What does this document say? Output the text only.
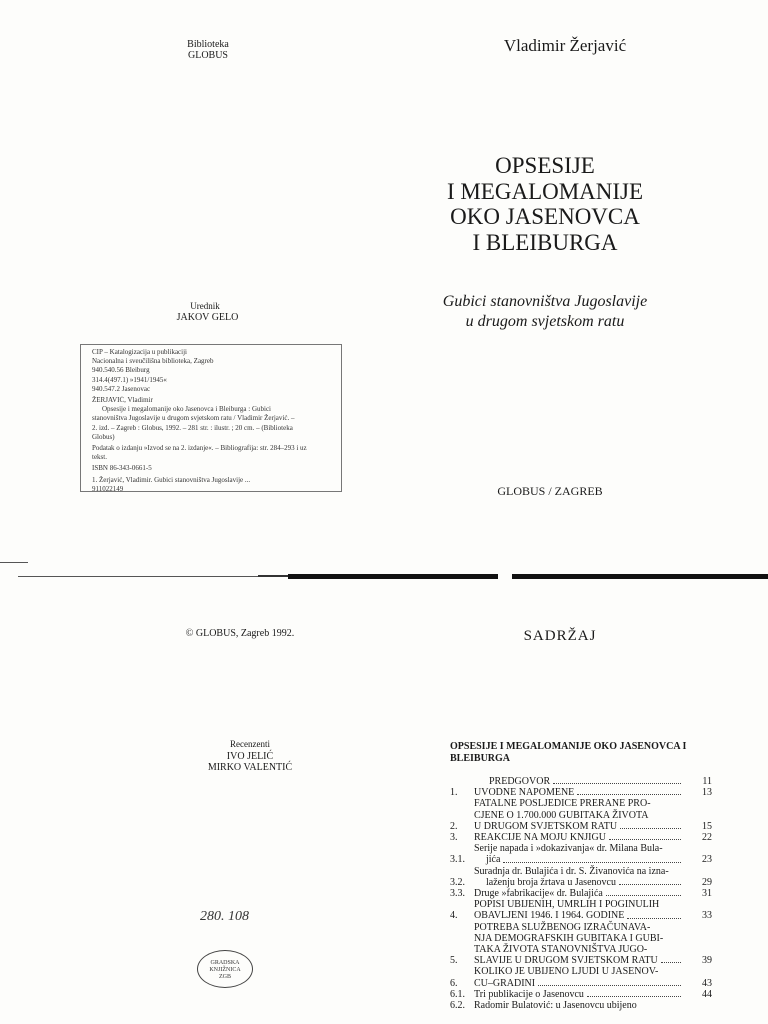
Biblioteka
GLOBUS
Urednik
JAKOV GELO
CIP – Katalogizacija u publikaciji
Nacionalna i sveučilišna biblioteka, Zagreb
940.540.56 Bleiburg
314.4(497.1) »1941/1945«
940.547.2 Jasenovac
ŽERJAVIĆ, Vladimir
Opsesije i megalomanije oko Jasenovca i Bleiburga : Gubici
stanovništva Jugoslavije u drugom svjetskom ratu / Vladimir Žerjavić. –
2. izd. – Zagreb : Globus, 1992. – 281 str. : ilustr. ; 20 cm. – (Biblioteka
Globus)
Podatak o izdanju »Izvod se na 2. izdanje«. – Bibliografija: str. 284–293 i uz
tekst.
ISBN 86-343-0661-5
1. Žerjavić, Vladimir. Gubici stanovništva Jugoslavije ...
911022149
Vladimir Žerjavić
OPSESIJE
I MEGALOMANIJE
OKO JASENOVCA
I BLEIBURGA
Gubici stanovništva Jugoslavije
u drugom svjetskom ratu
GLOBUS / ZAGREB
© GLOBUS, Zagreb 1992.
Recenzenti
IVO JELIĆ
MIRKO VALENTIĆ
280. 108
GRADSKA
KNJIŽNICA
ZGB
SADRŽAJ
OPSESIJE I MEGALOMANIJE OKO JASENOVCA I BLEIBURGA
PREDGOVOR	11
1.	UVODNE NAPOMENE	13
2.
FATALNE POSLJEDICE PRERANE PRO-
CJENE O 1.700.000 GUBITAKA ŽIVOTA
U DRUGOM SVJETSKOM RATU	15
3.	REAKCIJE NA MOJU KNJIGU	22
3.1.
Serije napada i »dokazivanja« dr. Milana Bula-
jića	23
3.2.
Suradnja dr. Bulajića i dr. S. Živanovića na izna-
laženju broja žrtava u Jasenovcu	29
3.3. Druge »fabrikacije« dr. Bulajića	31
4.
POPISI UBIJENIH, UMRLIH I POGINULIH
OBAVLJENI 1946. I 1964. GODINE	33
5.
POTREBA SLUŽBENOG IZRAČUNAVA-
NJA DEMOGRAFSKIH GUBITAKA I GUBI-
TAKA ŽIVOTA STANOVNIŠTVA JUGO-
SLAVIJE U DRUGOM SVJETSKOM RATU	39
6.
KOLIKO JE UBIJENO LJUDI U JASENOV-
CU–GRADINI	43
6.1. Tri publikacije o Jasenovcu	44
6.2. Radomir Bulatović: u Jasenovcu ubijeno
